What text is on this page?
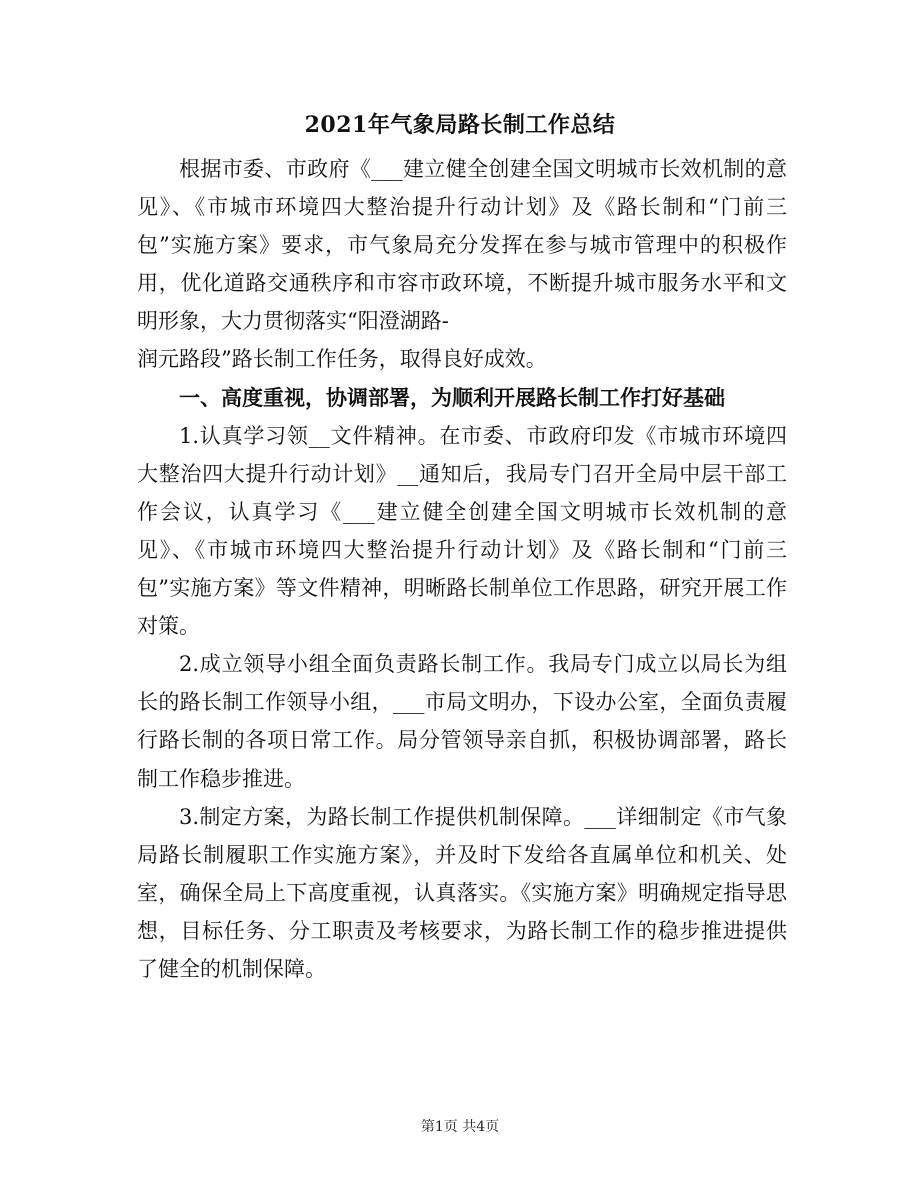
2021年气象局路长制工作总结

根据市委、市政府《___建立健全创建全国文明城市长效机制的意见》、《市城市环境四大整治提升行动计划》及《路长制和“门前三包”实施方案》要求，市气象局充分发挥在参与城市管理中的积极作用，优化道路交通秩序和市容市政环境，不断提升城市服务水平和文明形象，大力贯彻落实“阳澄湖路-

润元路段”路长制工作任务，取得良好成效。

一、高度重视，协调部署，为顺利开展路长制工作打好基础

1.认真学习领__文件精神。在市委、市政府印发《市城市环境四大整治四大提升行动计划》__通知后，我局专门召开全局中层干部工作会议，认真学习《___建立健全创建全国文明城市长效机制的意见》、《市城市环境四大整治提升行动计划》及《路长制和“门前三包”实施方案》等文件精神，明晰路长制单位工作思路，研究开展工作对策。

2.成立领导小组全面负责路长制工作。我局专门成立以局长为组长的路长制工作领导小组，___市局文明办，下设办公室，全面负责履行路长制的各项日常工作。局分管领导亲自抓，积极协调部署，路长制工作稳步推进。

3.制定方案，为路长制工作提供机制保障。___详细制定《市气象局路长制履职工作实施方案》，并及时下发给各直属单位和机关、处室，确保全局上下高度重视，认真落实。《实施方案》明确规定指导思想，目标任务、分工职责及考核要求，为路长制工作的稳步推进提供了健全的机制保障。

第1页 共4页
